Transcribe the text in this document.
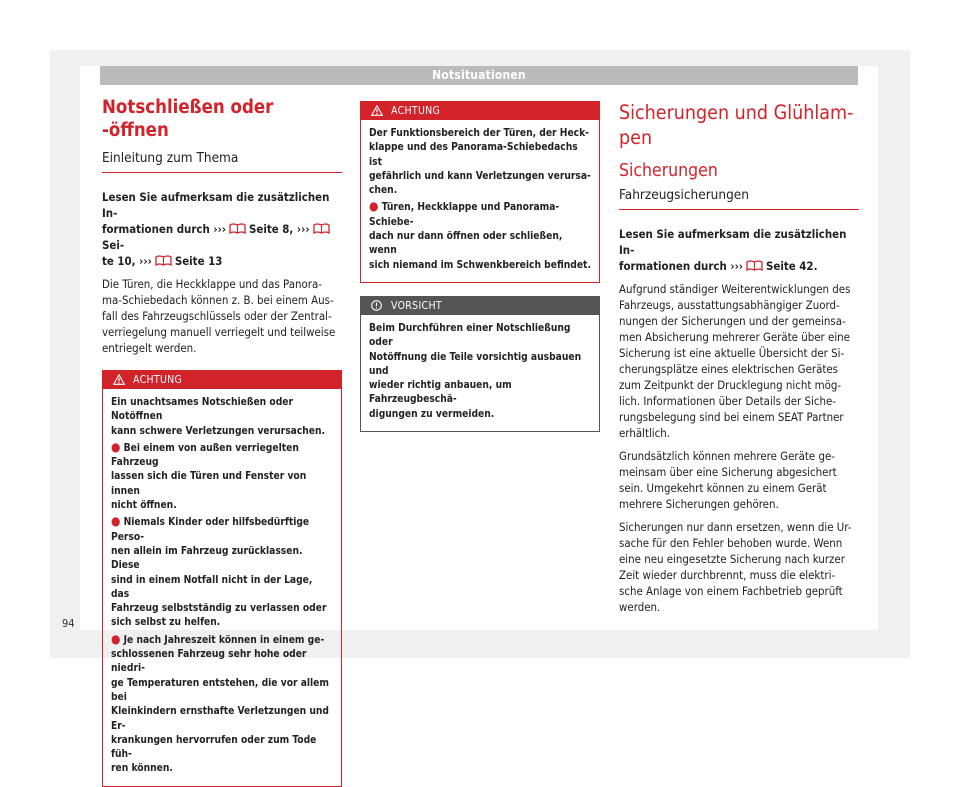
Notsituationen
Notschließen oder -öffnen
Einleitung zum Thema

Lesen Sie aufmerksam die zusätzlichen In-
formationen durch ››› Seite 8, ›››Sei-
te 10, ››› Seite 13

Die Türen, die Heckklappe und das Panora-
ma-Schiebedach können z. B. bei einem Aus-
fall des Fahrzeugschlüssels oder der Zentral-
verriegelung manuell verriegelt und teilweise
entriegelt werden.

ACHTUNG

Ein unachtsames Notschießen oder Notöffnen
kann schwere Verletzungen verursachen.

● Bei einem von außen verriegelten Fahrzeug
lassen sich die Türen und Fenster von innen
nicht öffnen.

● Niemals Kinder oder hilfsbedürftige Perso-
nen allein im Fahrzeug zurücklassen. Diese
sind in einem Notfall nicht in der Lage, das
Fahrzeug selbstständig zu verlassen oder
sich selbst zu helfen.

● Je nach Jahreszeit können in einem ge-
schlossenen Fahrzeug sehr hohe oder niedri-
ge Temperaturen entstehen, die vor allem bei
Kleinkindern ernsthafte Verletzungen und Er-
krankungen hervorrufen oder zum Tode füh-
ren können.

ACHTUNG

Der Funktionsbereich der Türen, der Heck-
klappe und des Panorama-Schiebedachs ist
gefährlich und kann Verletzungen verursa-
chen.

● Türen, Heckklappe und Panorama-Schiebe-
dach nur dann öffnen oder schließen, wenn
sich niemand im Schwenkbereich befindet.

VORSICHT

Beim Durchführen einer Notschließung oder
Notöffnung die Teile vorsichtig ausbauen und
wieder richtig anbauen, um Fahrzeugbeschä-
digungen zu vermeiden.

Sicherungen und Glühlam-
pen
Sicherungen
Fahrzeugsicherungen

Lesen Sie aufmerksam die zusätzlichen In-
formationen durch ››› Seite 42.

Aufgrund ständiger Weiterentwicklungen des
Fahrzeugs, ausstattungsabhängiger Zuord-
nungen der Sicherungen und der gemeinsa-
men Absicherung mehrerer Geräte über eine
Sicherung ist eine aktuelle Übersicht der Si-
cherungsplätze eines elektrischen Gerätes
zum Zeitpunkt der Drucklegung nicht mög-
lich. Informationen über Details der Siche-
rungsbelegung sind bei einem SEAT Partner
erhältlich.

Grundsätzlich können mehrere Geräte ge-
meinsam über eine Sicherung abgesichert
sein. Umgekehrt können zu einem Gerät
mehrere Sicherungen gehören.

Sicherungen nur dann ersetzen, wenn die Ur-
sache für den Fehler behoben wurde. Wenn
eine neu eingesetzte Sicherung nach kurzer
Zeit wieder durchbrennt, muss die elektri-
sche Anlage von einem Fachbetrieb geprüft
werden.

94
